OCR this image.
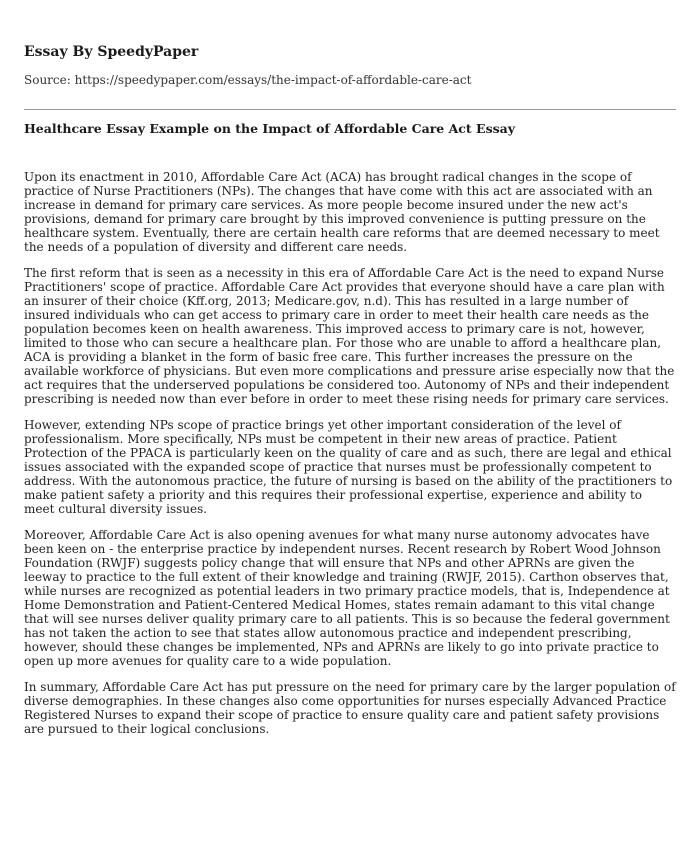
Essay By SpeedyPaper
Source: https://speedypaper.com/essays/the-impact-of-affordable-care-act
Healthcare Essay Example on the Impact of Affordable Care Act Essay

Upon its enactment in 2010, Affordable Care Act (ACA) has brought radical changes in the scope of practice of Nurse Practitioners (NPs). The changes that have come with this act are associated with an increase in demand for primary care services. As more people become insured under the new act's provisions, demand for primary care brought by this improved convenience is putting pressure on the healthcare system. Eventually, there are certain health care reforms that are deemed necessary to meet the needs of a population of diversity and different care needs.

The first reform that is seen as a necessity in this era of Affordable Care Act is the need to expand Nurse Practitioners' scope of practice. Affordable Care Act provides that everyone should have a care plan with an insurer of their choice (Kff.org, 2013; Medicare.gov, n.d). This has resulted in a large number of insured individuals who can get access to primary care in order to meet their health care needs as the population becomes keen on health awareness. This improved access to primary care is not, however, limited to those who can secure a healthcare plan. For those who are unable to afford a healthcare plan, ACA is providing a blanket in the form of basic free care. This further increases the pressure on the available workforce of physicians. But even more complications and pressure arise especially now that the act requires that the underserved populations be considered too. Autonomy of NPs and their independent prescribing is needed now than ever before in order to meet these rising needs for primary care services.

However, extending NPs scope of practice brings yet other important consideration of the level of professionalism. More specifically, NPs must be competent in their new areas of practice. Patient Protection of the PPACA is particularly keen on the quality of care and as such, there are legal and ethical issues associated with the expanded scope of practice that nurses must be professionally competent to address. With the autonomous practice, the future of nursing is based on the ability of the practitioners to make patient safety a priority and this requires their professional expertise, experience and ability to meet cultural diversity issues.

Moreover, Affordable Care Act is also opening avenues for what many nurse autonomy advocates have been keen on - the enterprise practice by independent nurses. Recent research by Robert Wood Johnson Foundation (RWJF) suggests policy change that will ensure that NPs and other APRNs are given the leeway to practice to the full extent of their knowledge and training (RWJF, 2015). Carthon observes that, while nurses are recognized as potential leaders in two primary practice models, that is, Independence at Home Demonstration and Patient-Centered Medical Homes, states remain adamant to this vital change that will see nurses deliver quality primary care to all patients. This is so because the federal government has not taken the action to see that states allow autonomous practice and independent prescribing, however, should these changes be implemented, NPs and APRNs are likely to go into private practice to open up more avenues for quality care to a wide population.

In summary, Affordable Care Act has put pressure on the need for primary care by the larger population of diverse demographies. In these changes also come opportunities for nurses especially Advanced Practice Registered Nurses to expand their scope of practice to ensure quality care and patient safety provisions are pursued to their logical conclusions.
